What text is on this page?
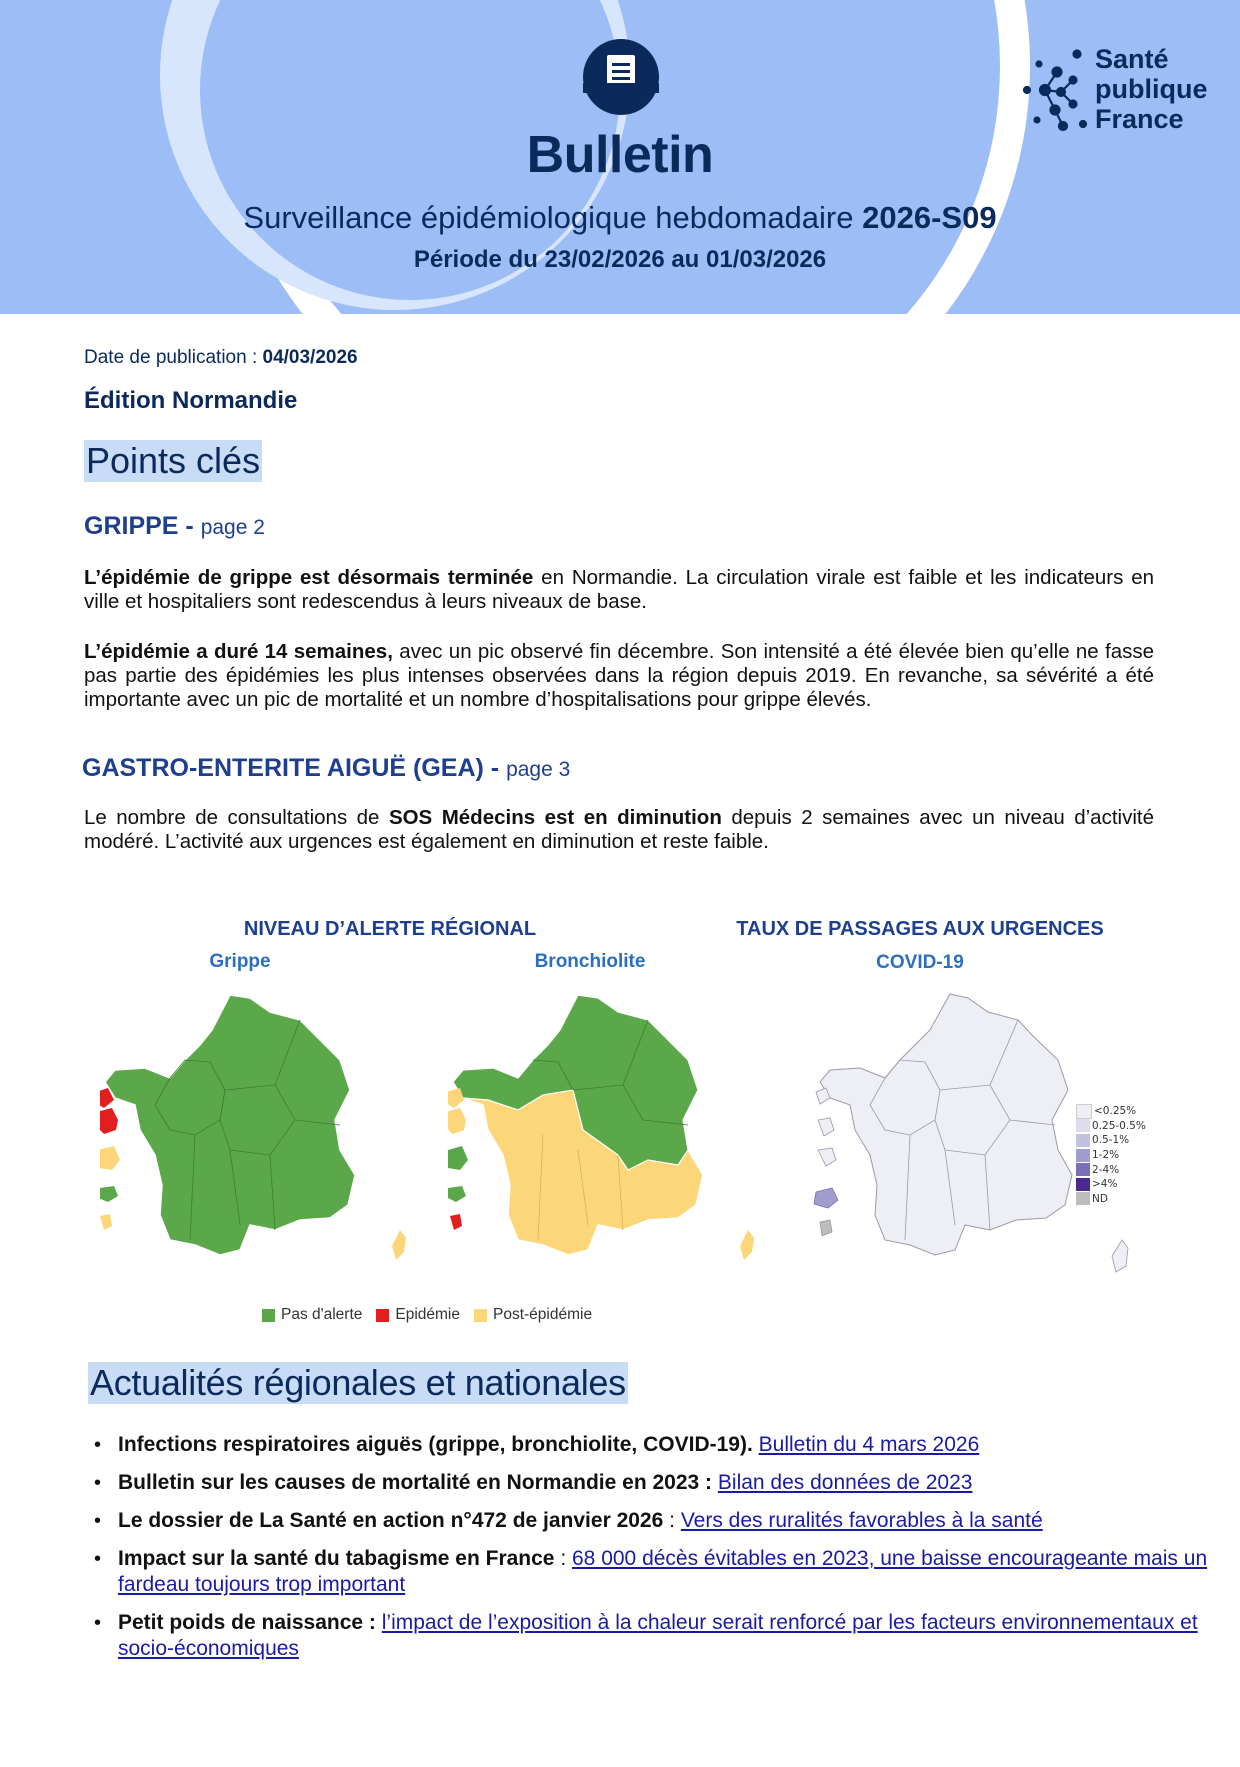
Bulletin
Surveillance épidémiologique hebdomadaire 2026-S09
Période du 23/02/2026 au 01/03/2026
Santé
publique
France
Date de publication : 04/03/2026
Édition Normandie
Points clés
GRIPPE - page 2
L’épidémie de grippe est désormais terminée en Normandie. La circulation virale est faible et les indicateurs en ville et hospitaliers sont redescendus à leurs niveaux de base.
L’épidémie a duré 14 semaines, avec un pic observé fin décembre. Son intensité a été élevée bien qu’elle ne fasse pas partie des épidémies les plus intenses observées dans la région depuis 2019. En revanche, sa sévérité a été importante avec un pic de mortalité et un nombre d’hospitalisations pour grippe élevés.
GASTRO-ENTERITE AIGUË (GEA) - page 3
Le nombre de consultations de SOS Médecins est en diminution depuis 2 semaines avec un niveau d’activité modéré. L’activité aux urgences est également en diminution et reste faible.
NIVEAU D’ALERTE RÉGIONAL	TAUX DE PASSAGES AUX URGENCES
Grippe	Bronchiolite	COVID-19
<0.25%
0.25-0.5%
0.5-1%
1-2%
2-4%
>4%
ND
Pas d'alerte Epidémie Post-épidémie
Actualités régionales et nationales
• Infections respiratoires aiguës (grippe, bronchiolite, COVID-19). Bulletin du 4 mars 2026
• Bulletin sur les causes de mortalité en Normandie en 2023 : Bilan des données de 2023
• Le dossier de La Santé en action n°472 de janvier 2026 : Vers des ruralités favorables à la santé
• Impact sur la santé du tabagisme en France : 68 000 décès évitables en 2023, une baisse encourageante mais un fardeau toujours trop important
• Petit poids de naissance : l’impact de l’exposition à la chaleur serait renforcé par les facteurs environnementaux et socio-économiques
